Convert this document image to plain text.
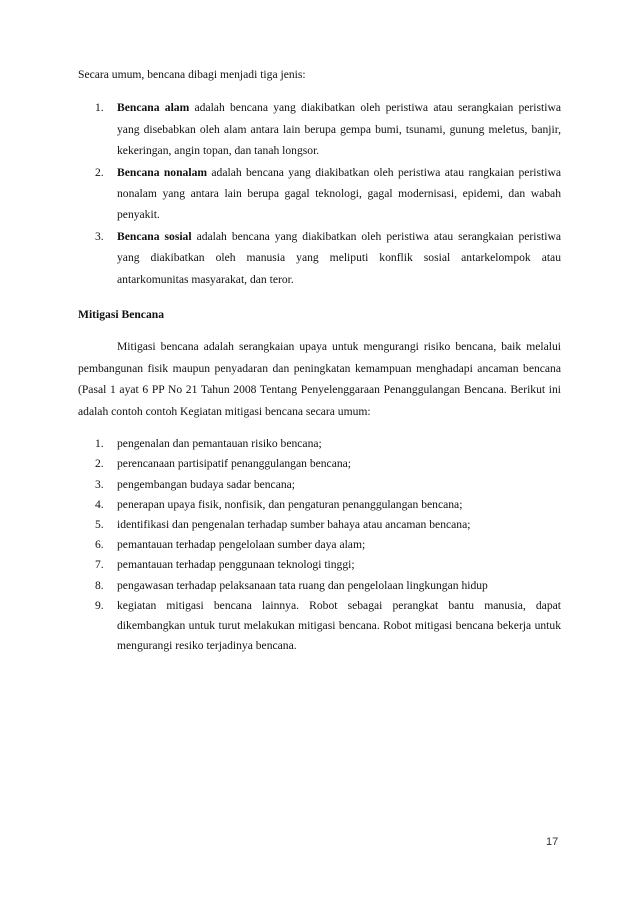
Secara umum, bencana dibagi menjadi tiga jenis:

1. Bencana alam adalah bencana yang diakibatkan oleh peristiwa atau serangkaian peristiwa yang disebabkan oleh alam antara lain berupa gempa bumi, tsunami, gunung meletus, banjir, kekeringan, angin topan, dan tanah longsor.
2. Bencana nonalam adalah bencana yang diakibatkan oleh peristiwa atau rangkaian peristiwa nonalam yang antara lain berupa gagal teknologi, gagal modernisasi, epidemi, dan wabah penyakit.
3. Bencana sosial adalah bencana yang diakibatkan oleh peristiwa atau serangkaian peristiwa yang diakibatkan oleh manusia yang meliputi konflik sosial antarkelompok atau antarkomunitas masyarakat, dan teror.
Mitigasi Bencana

Mitigasi bencana adalah serangkaian upaya untuk mengurangi risiko bencana, baik melalui pembangunan fisik maupun penyadaran dan peningkatan kemampuan menghadapi ancaman bencana (Pasal 1 ayat 6 PP No 21 Tahun 2008 Tentang Penyelenggaraan Penanggulangan Bencana. Berikut ini adalah contoh contoh Kegiatan mitigasi bencana secara umum:

1. pengenalan dan pemantauan risiko bencana;
2. perencanaan partisipatif penanggulangan bencana;
3. pengembangan budaya sadar bencana;
4. penerapan upaya fisik, nonfisik, dan pengaturan penanggulangan bencana;
5. identifikasi dan pengenalan terhadap sumber bahaya atau ancaman bencana;
6. pemantauan terhadap pengelolaan sumber daya alam;
7. pemantauan terhadap penggunaan teknologi tinggi;
8. pengawasan terhadap pelaksanaan tata ruang dan pengelolaan lingkungan hidup
9. kegiatan mitigasi bencana lainnya. Robot sebagai perangkat bantu manusia, dapat dikembangkan untuk turut melakukan mitigasi bencana. Robot mitigasi bencana bekerja untuk mengurangi resiko terjadinya bencana.
17
